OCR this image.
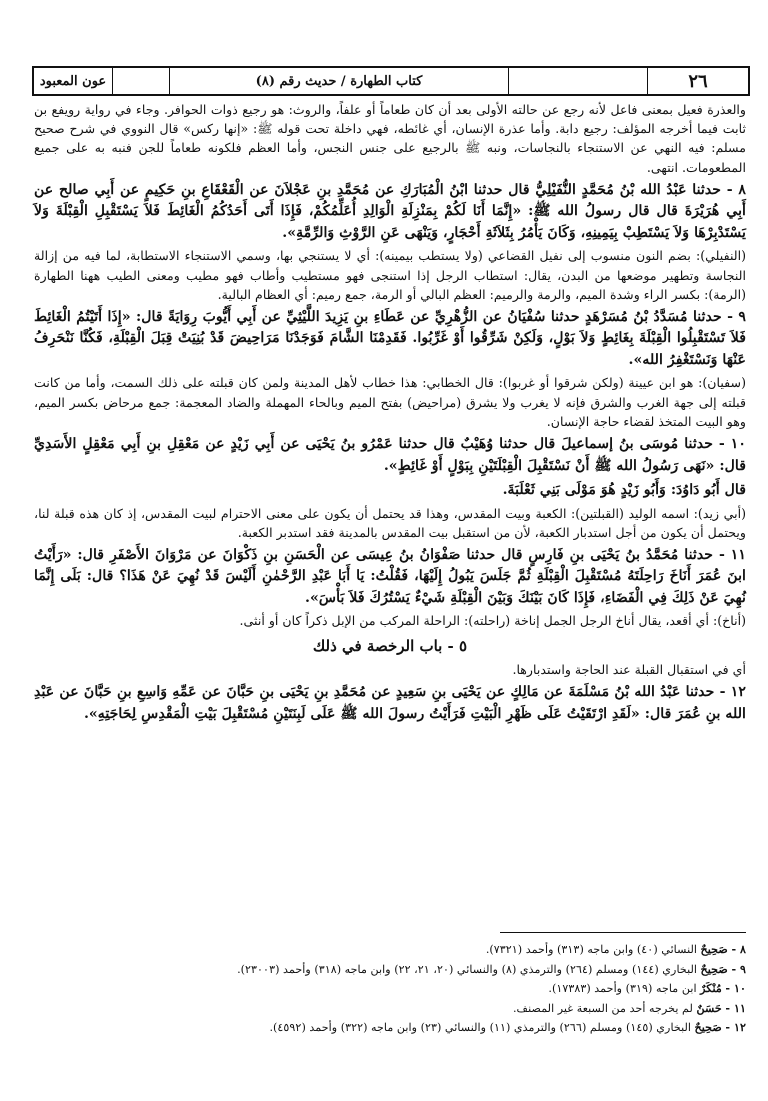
عون المعبود	كتاب الطهارة / حديث رقم (٨)	٢٦

والعذرة فعيل بمعنى فاعل لأنه رجع عن حالته الأولى بعد أن كان طعاماً أو علفاً، والروث: هو رجيع ذوات الحوافر. وجاء في رواية رويفع بن ثابت فيما أخرجه المؤلف: رجيع دابة. وأما عذرة الإنسان، أي غائطه، فهي داخلة تحت قوله ﷺ: «إنها ركس» قال النووي في شرح صحيح مسلم: فيه النهي عن الاستنجاء بالنجاسات، ونبه ﷺ بالرجيع على جنس النجس، وأما العظم فلكونه طعاماً للجن فنبه به على جميع المطعومات. انتهى.

٨ - حدثنا عَبْدُ الله بْنُ مُحَمَّدٍ النُّفَيْلِيُّ قال حدثنا ابْنُ الْمُبَارَكِ عن مُحَمَّدِ بنِ عَجْلاَنَ عن الْقَعْقَاعِ بنِ حَكِيمٍ عن أَبِي صالح عن أَبِي هُرَيْرَةَ قال قال رسولُ الله ﷺ: «إِنَّمَا أَنَا لَكُمْ بِمَنْزِلَةِ الْوَالِدِ أُعَلِّمُكُمْ، فَإِذَا أَتَى أَحَدُكُمُ الْغَائِطَ فَلاَ يَسْتَقْبِلِ الْقِبْلَةَ وَلاَ يَسْتَدْبِرْهَا وَلاَ يَسْتَطِبْ بِيَمِينِهِ، وَكَانَ يَأْمُرُ بِثَلاَثَةِ أَحْجَارٍ، وَيَنْهَى عَنِ الرَّوْثِ وَالرِّمَّةِ».

(النفيلي): بضم النون منسوب إلى نفيل القضاعي (ولا يستطب بيمينه): أي لا يستنجي بها، وسمي الاستنجاء الاستطابة، لما فيه من إزالة النجاسة وتطهير موضعها من البدن، يقال: استطاب الرجل إذا استنجى فهو مستطيب وأطاب فهو مطيب ومعنى الطيب ههنا الطهارة (الرمة): بكسر الراء وشدة الميم، والرمة والرميم: العظم البالي أو الرمة، جمع رميم: أي العظام البالية.

٩ - حدثنا مُسَدَّدُ بْنُ مُسَرْهَدٍ حدثنا سُفْيَانُ عن الزُّهْرِيِّ عن عَطَاءِ بنِ يَزِيدَ اللَّيْثِيِّ عن أَبِي أَيُّوبَ رِوَايَةً قال: «إِذَا أَتَيْتُمُ الْغَائِطَ فَلاَ تَسْتَقْبِلُوا الْقِبْلَةَ بِغَائِطٍ وَلاَ بَوْلٍ، وَلَكِنْ شَرِّقُوا أَوْ غَرِّبُوا. فَقَدِمْنَا الشَّامَ فَوَجَدْنَا مَرَاحِيضَ قَدْ بُنِيَتْ قِبَلَ الْقِبْلَةِ، فَكُنَّا نَنْحَرِفُ عَنْهَا وَنَسْتَغْفِرُ الله».

(سفيان): هو ابن عيينة (ولكن شرقوا أو غربوا): قال الخطابي: هذا خطاب لأهل المدينة ولمن كان قبلته على ذلك السمت، وأما من كانت قبلته إلى جهة الغرب والشرق فإنه لا يغرب ولا يشرق (مراحيض) بفتح الميم وبالحاء المهملة والضاد المعجمة: جمع مرحاض بكسر الميم، وهو البيت المتخذ لقضاء حاجة الإنسان.

١٠ - حدثنا مُوسَى بنُ إسماعيلَ قال حدثنا وُهَيْبٌ قال حدثنا عَمْرُو بنُ يَحْيَى عن أَبِي زَيْدٍ عن مَعْقِلِ بنِ أَبِي مَعْقِلٍ الأَسَدِيِّ قال: «نَهَى رَسُولُ الله ﷺ أَنْ نَسْتَقْبِلَ الْقِبْلَتَيْنِ بِبَوْلٍ أَوْ غَائِطٍ».

قال أَبُو دَاوُدَ: وَأَبُو زَيْدٍ هُوَ مَوْلَى بَنِي ثَعْلَبَةَ.

(أبي زيد): اسمه الوليد (القبلتين): الكعبة وبيت المقدس، وهذا قد يحتمل أن يكون على معنى الاحترام لبيت المقدس، إذ كان هذه قبلة لنا، ويحتمل أن يكون من أجل استدبار الكعبة، لأن من استقبل بيت المقدس بالمدينة فقد استدبر الكعبة.

١١ - حدثنا مُحَمَّدُ بنُ يَحْيَى بنِ فَارِسٍ قال حدثنا صَفْوَانُ بنُ عِيسَى عن الْحَسَنِ بنِ ذَكْوَانَ عن مَرْوَانَ الأَصْفَرِ قال: «رَأَيْتُ ابنَ عُمَرَ أَنَاخَ رَاحِلَتَهُ مُسْتَقْبِلَ الْقِبْلَةِ ثُمَّ جَلَسَ يَبُولُ إِلَيْهَا، فَقُلْتُ: يَا أَبَا عَبْدِ الرَّحْمٰنِ أَلَيْسَ قَدْ نُهِيَ عَنْ هَذَا؟ قال: بَلَى إِنَّمَا نُهِيَ عَنْ ذَلِكَ فِي الْفَضَاءِ، فَإِذَا كَانَ بَيْنَكَ وَبَيْنَ الْقِبْلَةِ شَيْءٌ يَسْتُرُكَ فَلاَ بَأْسَ».

(أناخ): أي أقعد، يقال أناخ الرجل الجمل إناخة (راحلته): الراحلة المركب من الإبل ذكراً كان أو أنثى.

٥ - باب الرخصة في ذلك

أي في استقبال القبلة عند الحاجة واستدبارها.

١٢ - حدثنا عَبْدُ الله بْنُ مَسْلَمَةَ عن مَالِكٍ عن يَحْيَى بنِ سَعِيدٍ عن مُحَمَّدِ بنِ يَحْيَى بنِ حَبَّانَ عن عَمِّهِ وَاسِعِ بنِ حَبَّانَ عن عَبْدِ الله بنِ عُمَرَ قال: «لَقَدِ ارْتَقَيْتُ عَلَى ظَهْرِ الْبَيْتِ فَرَأَيْتُ رسولَ الله ﷺ عَلَى لَبِنَتَيْنِ مُسْتَقْبِلَ بَيْتِ الْمَقْدِسِ لِحَاجَتِهِ».

٨ - صَحِيحٌ النسائي (٤٠) وابن ماجه (٣١٣) وأحمد (٧٣٢١).
٩ - صَحِيحٌ البخاري (١٤٤) ومسلم (٢٦٤) والترمذي (٨) والنسائي (٢٠، ٢١، ٢٢) وابن ماجه (٣١٨) وأحمد (٢٣٠٠٣).
١٠ - مُنْكَرٌ ابن ماجه (٣١٩) وأحمد (١٧٣٨٣).
١١ - حَسَنٌ لم يخرجه أحد من السبعة غير المصنف.
١٢ - صَحِيحٌ البخاري (١٤٥) ومسلم (٢٦٦) والترمذي (١١) والنسائي (٢٣) وابن ماجه (٣٢٢) وأحمد (٤٥٩٢).
